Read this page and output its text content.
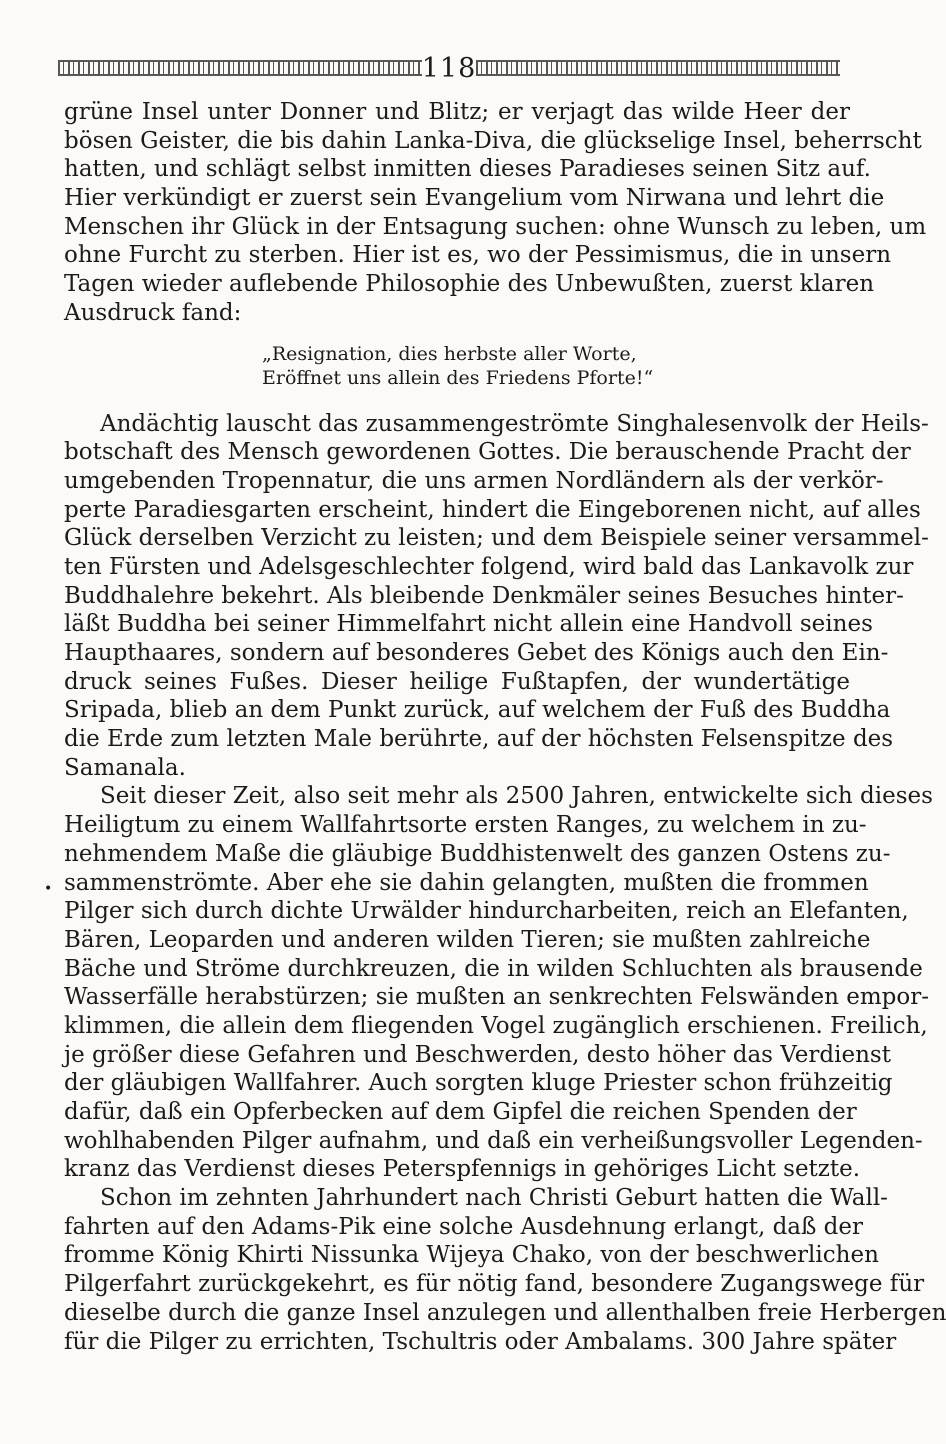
118
•
grüne Insel unter Donner und Blitz; er verjagt das wilde Heer der
bösen Geister, die bis dahin Lanka-Diva, die glückselige Insel, beherrscht
hatten, und schlägt selbst inmitten dieses Paradieses seinen Sitz auf.
Hier verkündigt er zuerst sein Evangelium vom Nirwana und lehrt die
Menschen ihr Glück in der Entsagung suchen: ohne Wunsch zu leben, um
ohne Furcht zu sterben. Hier ist es, wo der Pessimismus, die in unsern
Tagen wieder auflebende Philosophie des Unbewußten, zuerst klaren
Ausdruck fand:
„Resignation, dies herbste aller Worte,
Eröffnet uns allein des Friedens Pforte!“
Andächtig lauscht das zusammengeströmte Singhalesenvolk der Heils-
botschaft des Mensch gewordenen Gottes. Die berauschende Pracht der
umgebenden Tropennatur, die uns armen Nordländern als der verkör-
perte Paradiesgarten erscheint, hindert die Eingeborenen nicht, auf alles
Glück derselben Verzicht zu leisten; und dem Beispiele seiner versammel-
ten Fürsten und Adelsgeschlechter folgend, wird bald das Lankavolk zur
Buddhalehre bekehrt. Als bleibende Denkmäler seines Besuches hinter-
läßt Buddha bei seiner Himmelfahrt nicht allein eine Handvoll seines
Haupthaares, sondern auf besonderes Gebet des Königs auch den Ein-
druck seines Fußes. Dieser heilige Fußtapfen, der wundertätige
Sripada, blieb an dem Punkt zurück, auf welchem der Fuß des Buddha
die Erde zum letzten Male berührte, auf der höchsten Felsenspitze des
Samanala.
Seit dieser Zeit, also seit mehr als 2500 Jahren, entwickelte sich dieses
Heiligtum zu einem Wallfahrtsorte ersten Ranges, zu welchem in zu-
nehmendem Maße die gläubige Buddhistenwelt des ganzen Ostens zu-
sammenströmte. Aber ehe sie dahin gelangten, mußten die frommen
Pilger sich durch dichte Urwälder hindurcharbeiten, reich an Elefanten,
Bären, Leoparden und anderen wilden Tieren; sie mußten zahlreiche
Bäche und Ströme durchkreuzen, die in wilden Schluchten als brausende
Wasserfälle herabstürzen; sie mußten an senkrechten Felswänden empor-
klimmen, die allein dem fliegenden Vogel zugänglich erschienen. Freilich,
je größer diese Gefahren und Beschwerden, desto höher das Verdienst
der gläubigen Wallfahrer. Auch sorgten kluge Priester schon frühzeitig
dafür, daß ein Opferbecken auf dem Gipfel die reichen Spenden der
wohlhabenden Pilger aufnahm, und daß ein verheißungsvoller Legenden-
kranz das Verdienst dieses Peterspfennigs in gehöriges Licht setzte.
Schon im zehnten Jahrhundert nach Christi Geburt hatten die Wall-
fahrten auf den Adams-Pik eine solche Ausdehnung erlangt, daß der
fromme König Khirti Nissunka Wijeya Chako, von der beschwerlichen
Pilgerfahrt zurückgekehrt, es für nötig fand, besondere Zugangswege für
dieselbe durch die ganze Insel anzulegen und allenthalben freie Herbergen
für die Pilger zu errichten, Tschultris oder Ambalams. 300 Jahre später
